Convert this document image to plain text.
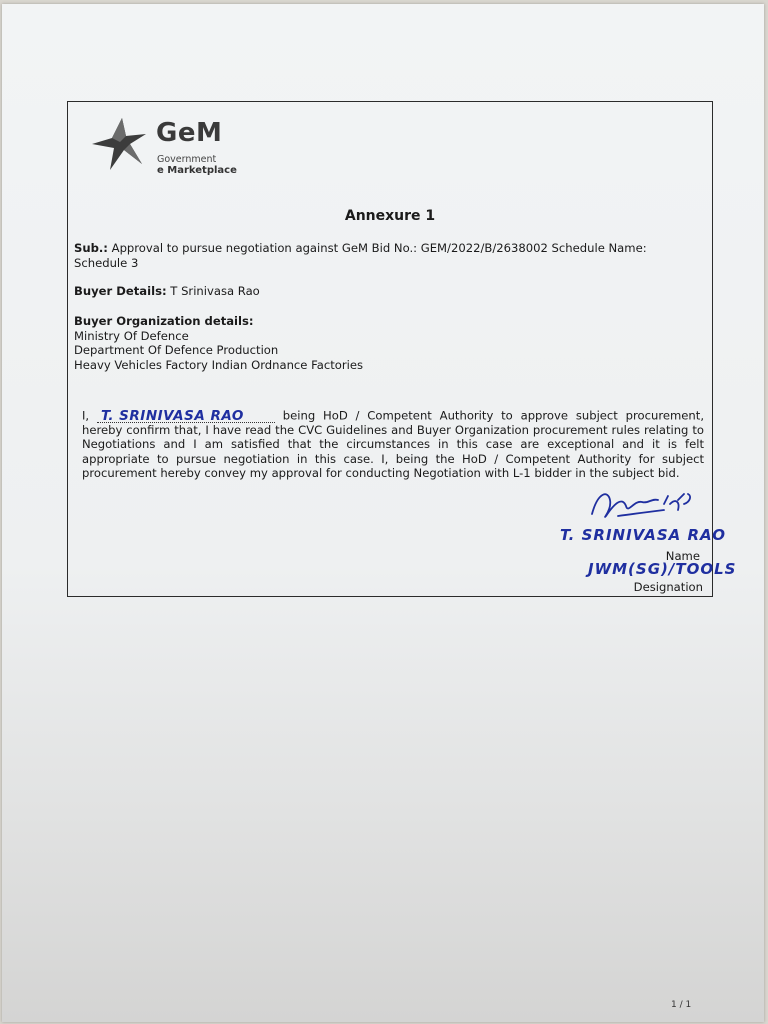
GeM
Government
e Marketplace
Annexure 1
Sub.: Approval to pursue negotiation against GeM Bid No.: GEM/2022/B/2638002 Schedule Name:
Schedule 3
Buyer Details: T Srinivasa Rao
Buyer Organization details:
Ministry Of Defence
Department Of Defence Production
Heavy Vehicles Factory Indian Ordnance Factories
I, T. SRINIVASA RAO	being HoD / Competent Authority to approve subject procurement, hereby confirm that, I have read the CVC Guidelines and Buyer Organization procurement rules relating to Negotiations and I am satisfied that the circumstances in this case are exceptional and it is felt appropriate to pursue negotiation in this case. I, being the HoD / Competent Authority for subject procurement hereby convey my approval for conducting Negotiation with L-1 bidder in the subject bid.
T. SRINIVASA RAO
JWM(SG)/TOOLS
Name
Designation
1 / 1
